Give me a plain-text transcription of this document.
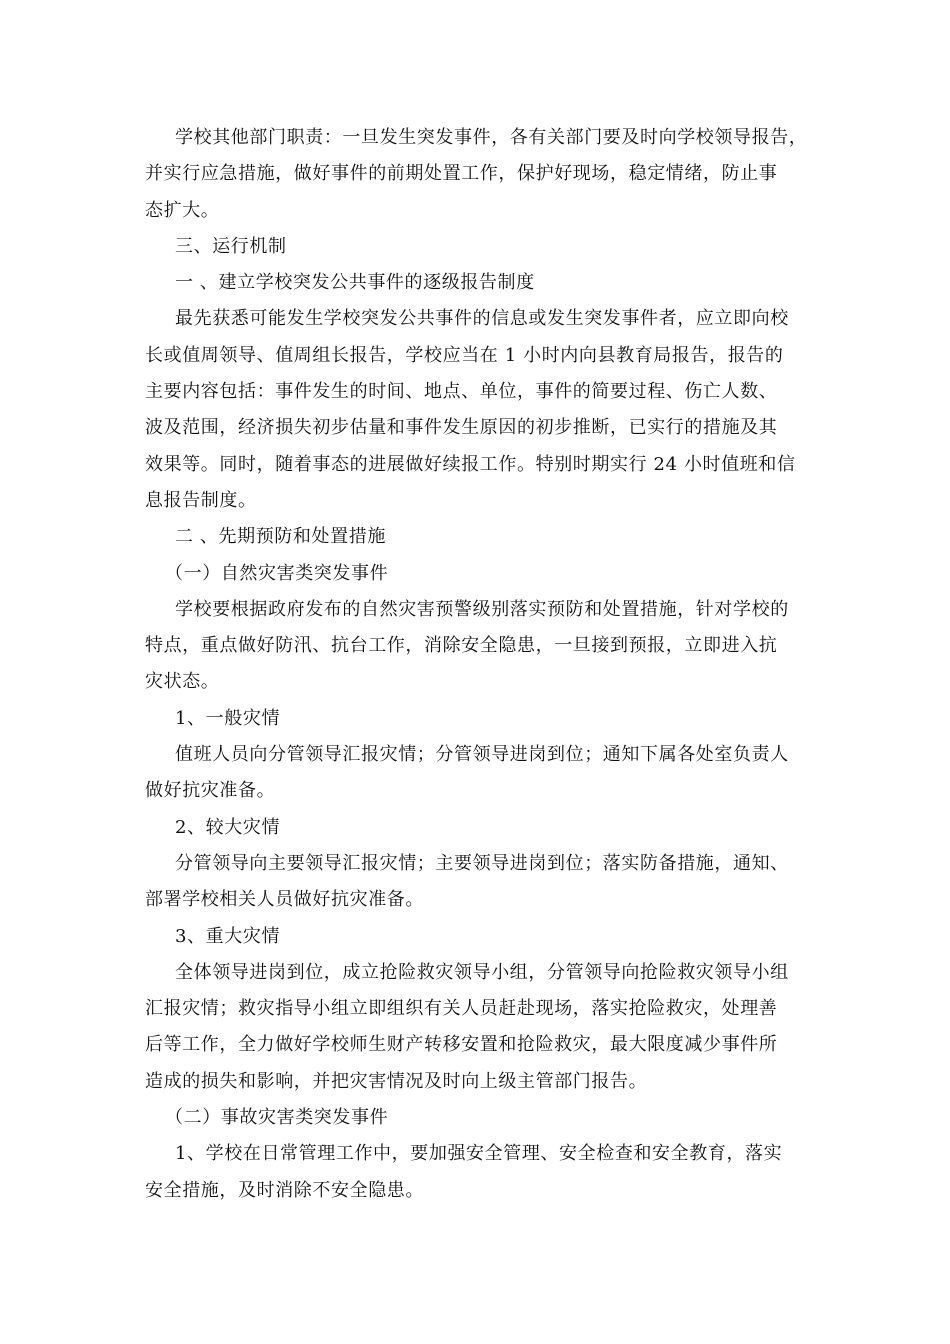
学校其他部门职责：一旦发生突发事件，各有关部门要及时向学校领导报告，
并实行应急措施，做好事件的前期处置工作，保护好现场，稳定情绪，防止事
态扩大。
三、运行机制
一 、建立学校突发公共事件的逐级报告制度
最先获悉可能发生学校突发公共事件的信息或发生突发事件者，应立即向校
长或值周领导、值周组长报告，学校应当在 1 小时内向县教育局报告，报告的
主要内容包括：事件发生的时间、地点、单位，事件的简要过程、伤亡人数、
波及范围，经济损失初步估量和事件发生原因的初步推断，已实行的措施及其
效果等。同时，随着事态的进展做好续报工作。特别时期实行 24 小时值班和信
息报告制度。
二 、先期预防和处置措施
（一）自然灾害类突发事件
学校要根据政府发布的自然灾害预警级别落实预防和处置措施，针对学校的
特点，重点做好防汛、抗台工作，消除安全隐患，一旦接到预报，立即进入抗
灾状态。
1、一般灾情
值班人员向分管领导汇报灾情；分管领导进岗到位；通知下属各处室负责人
做好抗灾准备。
2、较大灾情
分管领导向主要领导汇报灾情；主要领导进岗到位；落实防备措施，通知、
部署学校相关人员做好抗灾准备。
3、重大灾情
全体领导进岗到位，成立抢险救灾领导小组，分管领导向抢险救灾领导小组
汇报灾情；救灾指导小组立即组织有关人员赶赴现场，落实抢险救灾，处理善
后等工作，全力做好学校师生财产转移安置和抢险救灾，最大限度减少事件所
造成的损失和影响，并把灾害情况及时向上级主管部门报告。
（二）事故灾害类突发事件
1、学校在日常管理工作中，要加强安全管理、安全检查和安全教育，落实
安全措施，及时消除不安全隐患。
